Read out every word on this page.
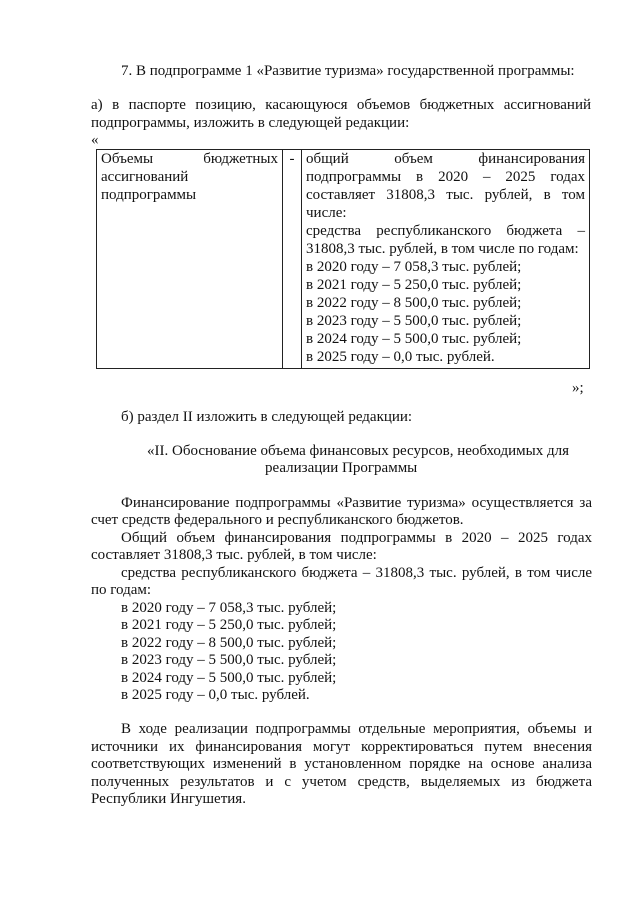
7. В подпрограмме 1 «Развитие туризма» государственной программы:

а) в паспорте позицию, касающуюся объемов бюджетных ассигнований

подпрограммы, изложить в следующей редакции:

«

Объемы бюджетных
ассигнований
подпрограммы

-	общий объем финансирования
подпрограммы в 2020 – 2025 годах
составляет 31808,3 тыс. рублей, в том
числе:
средства республиканского бюджета –
31808,3 тыс. рублей, в том числе по годам:
в 2020 году – 7 058,3 тыс. рублей;
в 2021 году – 5 250,0 тыс. рублей;
в 2022 году – 8 500,0 тыс. рублей;
в 2023 году – 5 500,0 тыс. рублей;
в 2024 году – 5 500,0 тыс. рублей;
в 2025 году – 0,0 тыс. рублей.

»;

б) раздел II изложить в следующей редакции:

«II. Обоснование объема финансовых ресурсов, необходимых для

реализации Программы

Финансирование подпрограммы «Развитие туризма» осуществляется за

счет средств федерального и республиканского бюджетов.

Общий объем финансирования подпрограммы в 2020 – 2025 годах

составляет 31808,3 тыс. рублей, в том числе:

средства республиканского бюджета – 31808,3 тыс. рублей, в том числе

по годам:

в 2020 году – 7 058,3 тыс. рублей;

в 2021 году – 5 250,0 тыс. рублей;

в 2022 году – 8 500,0 тыс. рублей;

в 2023 году – 5 500,0 тыс. рублей;

в 2024 году – 5 500,0 тыс. рублей;

в 2025 году – 0,0 тыс. рублей.

В ходе реализации подпрограммы отдельные мероприятия, объемы и

источники их финансирования могут корректироваться путем внесения

соответствующих изменений в установленном порядке на основе анализа

полученных результатов и с учетом средств, выделяемых из бюджета

Республики Ингушетия.
